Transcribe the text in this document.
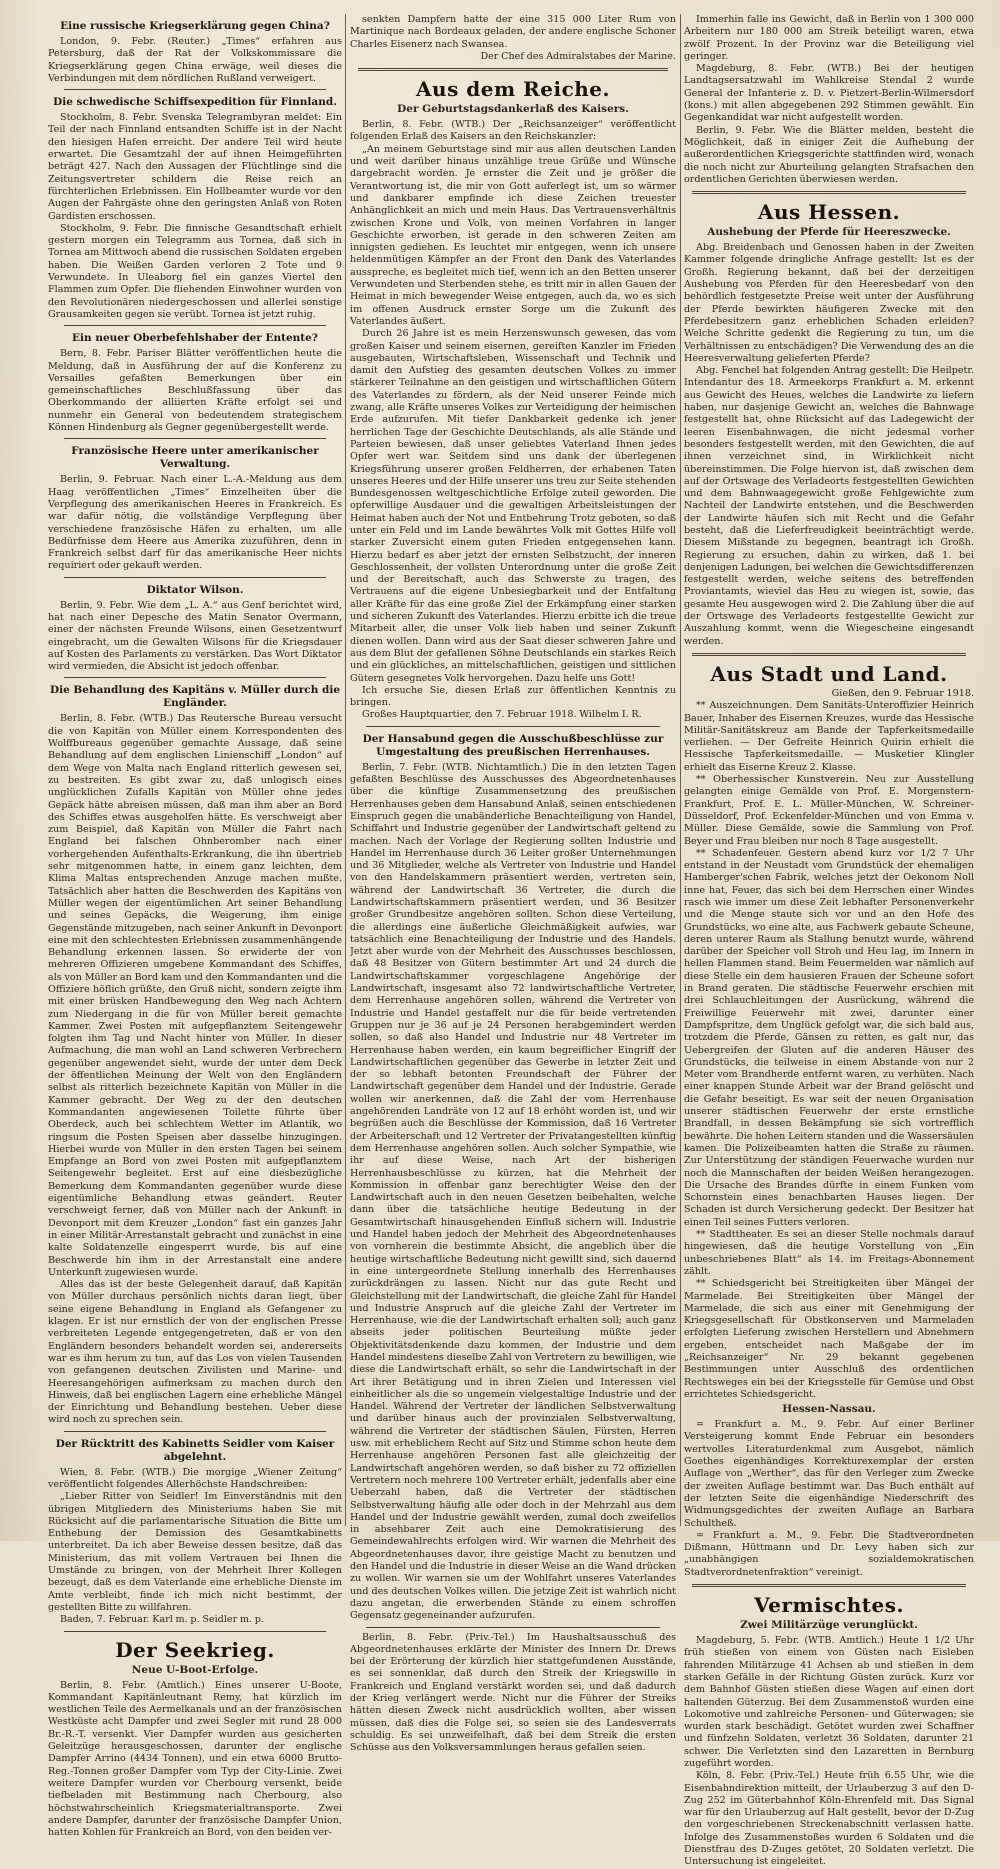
Eine russische Kriegserklärung gegen China?

London, 9. Febr. (Reuter.) „Times“ erfahren aus Petersburg, daß der Rat der Volkskommissare die Kriegserklärung gegen China erwäge, weil dieses die Verbindungen mit dem nördlichen Rußland verweigert.

Die schwedische Schiffsexpedition für Finnland.

Stockholm, 8. Febr. Svenska Telegrambyran meldet: Ein Teil der nach Finnland entsandten Schiffe ist in der Nacht den hiesigen Hafen erreicht. Der andere Teil wird heute erwartet. Die Gesamtzahl der auf ihnen Heimgeführten beträgt 427. Nach den Aussagen der Flüchtlinge sind die Zeitungsvertreter schildern die Reise reich an fürchterlichen Erlebnissen. Ein Hollbeamter wurde vor den Augen der Fahrgäste ohne den geringsten Anlaß von Roten Gardisten erschossen.

Stockholm, 9. Febr. Die finnische Gesandtschaft erhielt gestern morgen ein Telegramm aus Tornea, daß sich in Tornea am Mittwoch abend die russischen Soldaten ergeben haben. Die Weißen Garden verloren 2 Tote und 9 Verwundete. In Uleaborg fiel ein ganzes Viertel den Flammen zum Opfer. Die fliehenden Einwohner wurden von den Revolutionären niedergeschossen und allerlei sonstige Grausamkeiten gegen sie verübt. Tornea ist jetzt ruhig.

Ein neuer Oberbefehlshaber der Entente?

Bern, 8. Febr. Pariser Blätter veröffentlichen heute die Meldung, daß in Ausführung der auf die Konferenz zu Versailles gefaßten Bemerkungen über ein gemeinschaftliches Beschlußfassung über das Oberkommando der alliierten Kräfte erfolgt sei und nunmehr ein General von bedeutendem strategischem Können Hindenburg als Gegner gegenübergestellt werde.

Französische Heere unter amerikanischer Verwaltung.

Berlin, 9. Februar. Nach einer L.-A.-Meldung aus dem Haag veröffentlichen „Times“ Einzelheiten über die Verpflegung des amerikanischen Heeres in Frankreich. Es war dafür nötig, die vollständige Verpflegung über verschiedene französische Häfen zu erhalten, um alle Bedürfnisse dem Heere aus Amerika zuzuführen, denn in Frankreich selbst darf für das amerikanische Heer nichts requiriert oder gekauft werden.

Diktator Wilson.

Berlin, 9. Febr. Wie dem „L. A.“ aus Genf berichtet wird, hat nach einer Depesche des Matin Senator Overmann, einer der nächsten Freunde Wilsons, einen Gesetzentwurf eingebracht, um die Gewalten Wilsons für die Kriegsdauer auf Kosten des Parlaments zu verstärken. Das Wort Diktator wird vermieden, die Absicht ist jedoch offenbar.

Die Behandlung des Kapitäns v. Müller durch die Engländer.

Berlin, 8. Febr. (WTB.) Das Reutersche Bureau versucht die von Kapitän von Müller einem Korrespondenten des Wolffbureaus gegenüber gemachte Aussage, daß seine Behandlung auf dem englischen Linienschiff „London“ auf dem Wege von Malta nach England ritterlich gewesen sei, zu bestreiten. Es gibt zwar zu, daß unlogisch eines unglücklichen Zufalls Kapitän von Müller ohne jedes Gepäck hätte abreisen müssen, daß man ihm aber an Bord des Schiffes etwas ausgeholfen hätte. Es verschweigt aber zum Beispiel, daß Kapitän von Müller die Fahrt nach England bei falschen Ohnberomber nach einer vorhergehenden Aufenthalts-Erkrankung, die ihn übertrieb sehr mitgenommen hatte, in einem ganz leichten, dem Klima Maltas entsprechenden Anzuge machen mußte. Tatsächlich aber hatten die Beschwerden des Kapitäns von Müller wegen der eigentümlichen Art seiner Behandlung und seines Gepäcks, die Weigerung, ihm einige Gegenstände mitzugeben, nach seiner Ankunft in Devonport eine mit den schlechtesten Erlebnissen zusammenhängende Behandlung erkennen lassen. So erwiderte der von mehreren Offizieren umgebene Kommandant des Schiffes, als von Müller an Bord kam und den Kommandanten und die Offiziere höflich grüßte, den Gruß nicht, sondern zeigte ihm mit einer brüsken Handbewegung den Weg nach Achtern zum Niedergang in die für von Müller bereit gemachte Kammer. Zwei Posten mit aufgepflanztem Seitengewehr folgten ihm Tag und Nacht hinter von Müller. In dieser Aufmachung, die man wohl an Land schweren Verbrechern gegenüber angewendet sieht, wurde der unter dem Deck der öffentlichen Meinung der Welt von den Engländern selbst als ritterlich bezeichnete Kapitän von Müller in die Kammer gebracht. Der Weg zu der den deutschen Kommandanten angewiesenen Toilette führte über Oberdeck, auch bei schlechtem Wetter im Atlantik, wo ringsum die Posten Speisen aber dasselbe hinzugingen. Hierbei wurde von Müller in den ersten Tagen bei seinem Empfange an Bord von zwei Posten mit aufgepflanztem Seitengewehr begleitet. Erst auf eine diesbezügliche Bemerkung dem Kommandanten gegenüber wurde diese eigentümliche Behandlung etwas geändert. Reuter verschweigt ferner, daß von Müller nach der Ankunft in Devonport mit dem Kreuzer „London“ fast ein ganzes Jahr in einer Militär-Arrestanstalt gebracht und zunächst in eine kalte Soldatenzelle eingesperrt wurde, bis auf eine Beschwerde hin ihm in der Arrestanstalt eine andere Unterkunft zugewiesen wurde.

Alles das ist der beste Gelegenheit darauf, daß Kapitän von Müller durchaus persönlich nichts daran liegt, über seine eigene Behandlung in England als Gefangener zu klagen. Er ist nur ernstlich der von der englischen Presse verbreiteten Legende entgegengetreten, daß er von den Engländern besonders behandelt worden sei, andererseits war es ihm herum zu tun, auf das Los von vielen Tausenden von gefangenen deutschen Zivilisten und Marine- und Heeresangehörigen aufmerksam zu machen durch den Hinweis, daß bei englischen Lagern eine erhebliche Mängel der Einrichtung und Behandlung bestehen. Ueber diese wird noch zu sprechen sein.

Der Rücktritt des Kabinetts Seidler vom Kaiser abgelehnt.

Wien, 8. Febr. (WTB.) Die morgige „Wiener Zeitung“ veröffentlicht folgendes Allerhöchste Handschreiben:

„Lieber Ritter von Seidler! Im Einverständnis mit den übrigen Mitgliedern des Ministeriums haben Sie mit Rücksicht auf die parlamentarische Situation die Bitte um Enthebung der Demission des Gesamtkabinetts unterbreitet. Da ich aber Beweise dessen besitze, daß das Ministerium, das mit vollem Vertrauen bei Ihnen die Umstände zu bringen, von der Mehrheit Ihrer Kollegen bezeugt, daß es dem Vaterlande eine erhebliche Dienste im Amte verbleibt, finde ich mich nicht bestimmt, der gestellten Bitte zu willfahren.

Baden, 7. Februar. Karl m. p. Seidler m. p.

Der Seekrieg.
Neue U-Boot-Erfolge.

Berlin, 8. Febr. (Amtlich.) Eines unserer U-Boote, Kommandant Kapitänleutnant Remy, hat kürzlich im westlichen Teile des Aermelkanals und an der französischen Westküste acht Dampfer und zwei Segler mit rund 28 000 Br.-R.-T. versenkt. Vier Dampfer wurden aus gesicherten Geleitzüge herausgeschossen, darunter der englische Dampfer Arrino (4434 Tonnen), und ein etwa 6000 Brutto-Reg.-Tonnen großer Dampfer vom Typ der City-Linie. Zwei weitere Dampfer wurden vor Cherbourg versenkt, beide tiefbeladen mit Bestimmung nach Cherbourg, also höchstwahrscheinlich Kriegsmaterialtransporte. Zwei andere Dampfer, darunter der französische Dampfer Union, hatten Kohlen für Frankreich an Bord, von den beiden ver-

senkten Dampfern hatte der eine 315 000 Liter Rum von Martinique nach Bordeaux geladen, der andere englische Schoner Charles Eisenerz nach Swansea.

Der Chef des Admiralstabes der Marine.

Aus dem Reiche.
Der Geburtstagsdankerlaß des Kaisers.

Berlin, 8. Febr. (WTB.) Der „Reichsanzeiger“ veröffentlicht folgenden Erlaß des Kaisers an den Reichskanzler:

„An meinem Geburtstage sind mir aus allen deutschen Landen und weit darüber hinaus unzählige treue Grüße und Wünsche dargebracht worden. Je ernster die Zeit und je größer die Verantwortung ist, die mir von Gott auferlegt ist, um so wärmer und dankbarer empfinde ich diese Zeichen treuester Anhänglichkeit an mich und mein Haus. Das Vertrauensverhältnis zwischen Krone und Volk, von meinen Vorfahren in langer Geschichte erworben, ist gerade in den schweren Zeiten am innigsten gediehen. Es leuchtet mir entgegen, wenn ich unsere heldenmütigen Kämpfer an der Front den Dank des Vaterlandes ausspreche, es begleitet mich tief, wenn ich an den Betten unserer Verwundeten und Sterbenden stehe, es tritt mir in allen Gauen der Heimat in mich bewegender Weise entgegen, auch da, wo es sich im offenen Ausdruck ernster Sorge um die Zukunft des Vaterlandes äußert.

Durch 26 Jahre ist es mein Herzenswunsch gewesen, das vom großen Kaiser und seinem eisernen, gereiften Kanzler im Frieden ausgebauten, Wirtschaftsleben, Wissenschaft und Technik und damit den Aufstieg des gesamten deutschen Volkes zu immer stärkerer Teilnahme an den geistigen und wirtschaftlichen Gütern des Vaterlandes zu fördern, als der Neid unserer Feinde mich zwang, alle Kräfte unseres Volkes zur Verteidigung der heimischen Erde aufzurufen. Mit tiefer Dankbarkeit gedenke ich jener herrlichen Tage der Geschichte Deutschlands, als alle Stände und Parteien bewiesen, daß unser geliebtes Vaterland Ihnen jedes Opfer wert war. Seitdem sind uns dank der überlegenen Kriegsführung unserer großen Feldherren, der erhabenen Taten unseres Heeres und der Hilfe unserer uns treu zur Seite stehenden Bundesgenossen weltgeschichtliche Erfolge zuteil geworden. Die opferwillige Ausdauer und die gewaltigen Arbeitsleistungen der Heimat haben auch der Not und Entbehrung Trotz geboten, so daß unter ein Feld und im Lande bewährtes Volk mit Gottes Hilfe voll starker Zuversicht einem guten Frieden entgegensehen kann. Hierzu bedarf es aber jetzt der ernsten Selbstzucht, der inneren Geschlossenheit, der vollsten Unterordnung unter die große Zeit und der Bereitschaft, auch das Schwerste zu tragen, des Vertrauens auf die eigene Unbesiegbarkeit und der Entfaltung aller Kräfte für das eine große Ziel der Erkämpfung einer starken und sicheren Zukunft des Vaterlandes. Hierzu erbitte ich die treue Mitarbeit aller, die unser Volk lieb haben und seiner Zukunft dienen wollen. Dann wird aus der Saat dieser schweren Jahre und aus dem Blut der gefallenen Söhne Deutschlands ein starkes Reich und ein glückliches, an mittelschaftlichen, geistigen und sittlichen Gütern gesegnetes Volk hervorgehen. Dazu helfe uns Gott!

Ich ersuche Sie, diesen Erlaß zur öffentlichen Kenntnis zu bringen.

Großes Hauptquartier, den 7. Februar 1918. Wilhelm I. R.

Der Hansabund gegen die Ausschußbeschlüsse zur Umgestaltung des preußischen Herrenhauses.

Berlin, 7. Febr. (WTB. Nichtamtlich.) Die in den letzten Tagen gefaßten Beschlüsse des Ausschusses des Abgeordnetenhauses über die künftige Zusammensetzung des preußischen Herrenhauses geben dem Hansabund Anlaß, seinen entschiedenen Einspruch gegen die unabänderliche Benachteiligung von Handel, Schiffahrt und Industrie gegenüber der Landwirtschaft geltend zu machen. Nach der Vorlage der Regierung sollten Industrie und Handel im Herrenhause durch 36 Leiter großer Unternehmungen und 36 Mitglieder, welche als Vertreter von Industrie und Handel von den Handelskammern präsentiert werden, vertreten sein, während der Landwirtschaft 36 Vertreter, die durch die Landwirtschaftskammern präsentiert werden, und 36 Besitzer großer Grundbesitze angehören sollten. Schon diese Verteilung, die allerdings eine äußerliche Gleichmäßigkeit aufwies, war tatsächlich eine Benachteiligung der Industrie und des Handels. Jetzt aber wurde von der Mehrheit des Ausschusses beschlossen, daß 48 Besitzer von Gütern bestimmter Art und 24 durch die Landwirtschaftskammer vorgeschlagene Angehörige der Landwirtschaft, insgesamt also 72 landwirtschaftliche Vertreter, dem Herrenhause angehören sollen, während die Vertreter von Industrie und Handel gestaffelt nur die für beide vertretenden Gruppen nur je 36 auf je 24 Personen herabgemindert werden sollen, so daß also Handel und Industrie nur 48 Vertreter im Herrenhause haben werden, ein kaum begreiflicher Eingriff der Landwirtschaftlichen gegenüber das Gewerbe in letzter Zeit und der so lebhaft betonten Freundschaft der Führer der Landwirtschaft gegenüber dem Handel und der Industrie. Gerade wollen wir anerkennen, daß die Zahl der vom Herrenhause angehörenden Landräte von 12 auf 18 erhöht worden ist, und wir begrüßen auch die Beschlüsse der Kommission, daß 16 Vertreter der Arbeiterschaft und 12 Vertreter der Privatangestellten künftig dem Herrenhause angehören sollen. Auch solcher Sympathie, wie ihr auf diese Weise, nach Art der bisherigen Herrenhausbeschlüsse zu kürzen, hat die Mehrheit der Kommission in offenbar ganz berechtigter Weise den der Landwirtschaft auch in den neuen Gesetzen beibehalten, welche dann über die tatsächliche heutige Bedeutung in der Gesamtwirtschaft hinausgehenden Einfluß sichern will. Industrie und Handel haben jedoch der Mehrheit des Abgeordnetenhauses von vornherein die bestimmte Absicht, die angeblich über die heutige wirtschaftliche Bedeutung nicht gewillt sind, sich dauernd in eine untergeordnete Stellung innerhalb des Herrenhauses zurückdrängen zu lassen. Nicht nur das gute Recht und Gleichstellung mit der Landwirtschaft, die gleiche Zahl für Handel und Industrie Anspruch auf die gleiche Zahl der Vertreter im Herrenhause, wie die der Landwirtschaft erhalten soll; auch ganz abseits jeder politischen Beurteilung müßte jeder Objektivitätsdenkende dazu kommen, der Industrie und dem Handel mindestens dieselbe Zahl von Vertretern zu bewilligen, wie diese die Landwirtschaft erhält, so sehr die Landwirtschaft in der Art ihrer Betätigung und in ihren Zielen und Interessen viel einheitlicher als die so ungemein vielgestaltige Industrie und der Handel. Während der Vertreter der ländlichen Selbstverwaltung und darüber hinaus auch der provinzialen Selbstverwaltung, während die Vertreter der städtischen Säulen, Fürsten, Herren usw. mit erheblichem Recht auf Sitz und Stimme schon heute dem Herrenhause angehören Personen fast alle gleichzeitig der Landwirtschaft angehören werden, so daß bisher zu 72 offiziellen Vertretern noch mehrere 100 Vertreter erhält, jedenfalls aber eine Ueberzahl haben, daß die Vertreter der städtischen Selbstverwaltung häufig alle oder doch in der Mehrzahl aus dem Handel und der Industrie gewählt werden, zumal doch zweifellos in absehbarer Zeit auch eine Demokratisierung des Gemeindewahlrechts erfolgen wird. Wir warnen die Mehrheit des Abgeordnetenhauses davor, ihre geistige Macht zu benutzen und den Handel und die Industrie in dieser Weise an die Wand drücken zu wollen. Wir warnen sie um der Wohlfahrt unseres Vaterlandes und des deutschen Volkes willen. Die jetzige Zeit ist wahrlich nicht dazu angetan, die erwerbenden Stände zu einem schroffen Gegensatz gegeneinander aufzurufen.

Berlin, 8. Febr. (Priv.-Tel.) Im Haushaltsausschuß des Abgeordnetenhauses erklärte der Minister des Innern Dr. Drews bei der Erörterung der kürzlich hier stattgefundenen Ausstände, es sei sonnenklar, daß durch den Streik der Kriegswille in Frankreich und England verstärkt worden sei, und daß dadurch der Krieg verlängert werde. Nicht nur die Führer der Streiks hätten diesen Zweck nicht ausdrücklich wollten, aber wissen müssen, daß dies die Folge sei, so seien sie des Landesverrats schuldig. Es sei unzweifelhaft, daß bei dem Streik die ersten Schüsse aus den Volksversammlungen heraus gefallen seien.

Immerhin falle ins Gewicht, daß in Berlin von 1 300 000 Arbeitern nur 180 000 am Streik beteiligt waren, etwa zwölf Prozent. In der Provinz war die Beteiligung viel geringer.

Magdeburg, 8. Febr. (WTB.) Bei der heutigen Landtagsersatzwahl im Wahlkreise Stendal 2 wurde General der Infanterie z. D. v. Pietzert-Berlin-Wilmersdorf (kons.) mit allen abgegebenen 292 Stimmen gewählt. Ein Gegenkandidat war nicht aufgestellt worden.

Berlin, 9. Febr. Wie die Blätter melden, besteht die Möglichkeit, daß in einiger Zeit die Aufhebung der außerordentlichen Kriegsgerichte stattfinden wird, wonach die noch nicht zur Aburteilung gelangten Strafsachen den ordentlichen Gerichten überwiesen werden.

Aus Hessen.
Aushebung der Pferde für Heereszwecke.

Abg. Breidenbach und Genossen haben in der Zweiten Kammer folgende dringliche Anfrage gestellt: Ist es der Großh. Regierung bekannt, daß bei der derzeitigen Aushebung von Pferden für den Heeresbedarf von den behördlich festgesetzte Preise weit unter der Ausführung der Pferde bewirkten häufigeren Zwecke mit den Pferdebesitzern ganz erheblichen Schaden erleiden? Welche Schritte gedenkt die Regierung zu tun, um die Verhältnissen zu entschädigen? Die Verwendung des an die Heeresverwaltung gelieferten Pferde?

Abg. Fenchel hat folgenden Antrag gestellt: Die Heilpetr. Intendantur des 18. Armeekorps Frankfurt a. M. erkennt aus Gewicht des Heues, welches die Landwirte zu liefern haben, nur dasjenige Gewicht an, welches die Bahnwage festgestellt hat, ohne Rücksicht auf das Ladegewicht der leeren Eisenbahnwagen, die nicht jedesmal vorher besonders festgestellt werden, mit den Gewichten, die auf ihnen verzeichnet sind, in Wirklichkeit nicht übereinstimmen. Die Folge hiervon ist, daß zwischen dem auf der Ortswage des Verladeorts festgestellten Gewichten und dem Bahnwaagegewicht große Fehlgewichte zum Nachteil der Landwirte entstehen, und die Beschwerden der Landwirte häufen sich mit Recht und die Gefahr besteht, daß die Lieferfreudigkeit beeinträchtigt werde. Diesem Mißstande zu begegnen, beantragt ich Großh. Regierung zu ersuchen, dahin zu wirken, daß 1. bei denjenigen Ladungen, bei welchen die Gewichtsdifferenzen festgestellt werden, welche seitens des betreffenden Proviantamts, wieviel das Heu zu wiegen ist, sowie, das gesamte Heu ausgewogen wird 2. Die Zahlung über die auf der Ortswage des Verladeorts festgestellte Gewicht zur Auszahlung kommt, wenn die Wiegescheine eingesandt werden.

Aus Stadt und Land.

Gießen, den 9. Februar 1918.

** Auszeichnungen. Dem Sanitäts-Unteroffizier Heinrich Bauer, Inhaber des Eisernen Kreuzes, wurde das Hessische Militär-Sanitätskreuz am Bande der Tapferkeitsmedaille verliehen. — Der Gefreite Heinrich Quirin erhielt die Hessische Tapferkeitsmedaille. — Musketier Klingler erhielt das Eiserne Kreuz 2. Klasse.

** Oberhessischer Kunstverein. Neu zur Ausstellung gelangten einige Gemälde von Prof. E. Morgenstern-Frankfurt, Prof. E. L. Müller-München, W. Schreiner-Düsseldorf, Prof. Eckenfelder-München und von Emma v. Müller. Diese Gemälde, sowie die Sammlung von Prof. Beyer und Frau bleiben nur noch 8 Tage ausgestellt.

** Schadenfeuer. Gestern abend kurz vor 1/2 7 Uhr entstand in der Neustadt vom Grundstück der ehemaligen Hamberger'schen Fabrik, welches jetzt der Oekonom Noll inne hat, Feuer, das sich bei dem Herrschen einer Windes rasch wie immer um diese Zeit lebhafter Personenverkehr und die Menge staute sich vor und an den Hofe des Grundstücks, wo eine alte, aus Fachwerk gebaute Scheune, deren unterer Raum als Stallung benutzt wurde, während darüber der Speicher voll Stroh und Heu lag, im Innern in hellen Flammen stand. Beim Feuermelden war nämlich auf diese Stelle ein dem hausieren Frauen der Scheune sofort in Brand geraten. Die städtische Feuerwehr erschien mit drei Schlauchleitungen der Ausrückung, während die Freiwillige Feuerwehr mit zwei, darunter einer Dampfspritze, dem Unglück gefolgt war, die sich bald aus, trotzdem die Pferde, Gänsen zu retten, es galt nur, das Uebergreifen der Gluten auf die anderen Häuser des Grundstücks, die teilweise in einem Abstande von nur 2 Meter vom Brandherde entfernt waren, zu verhüten. Nach einer knappen Stunde Arbeit war der Brand gelöscht und die Gefahr beseitigt. Es war seit der neuen Organisation unserer städtischen Feuerwehr der erste ernstliche Brandfall, in dessen Bekämpfung sie sich vortrefflich bewährte. Die hohen Leitern standen und die Wassersäulen kamen. Die Polizeibeamten hatten die Straße zu räumen. Zur Unterstützung der ständigen Feuerwache wurden nur noch die Mannschaften der beiden Weißen herangezogen. Die Ursache des Brandes dürfte in einem Funken vom Schornstein eines benachbarten Hauses liegen. Der Schaden ist durch Versicherung gedeckt. Der Besitzer hat einen Teil seines Futters verloren.

** Stadttheater. Es sei an dieser Stelle nochmals darauf hingewiesen, daß die heutige Vorstellung von „Ein unbeschriebenes Blatt“ als 14. im Freitags-Abonnement zählt.

** Schiedsgericht bei Streitigkeiten über Mängel der Marmelade. Bei Streitigkeiten über Mängel der Marmelade, die sich aus einer mit Genehmigung der Kriegsgesellschaft für Obstkonserven und Marmeladen erfolgten Lieferung zwischen Herstellern und Abnehmern ergeben, entscheidet nach Maßgabe der im „Reichsanzeiger“ Nr. 29 bekannt gegebenen Bestimmungen unter Ausschluß des ordentlichen Rechtsweges ein bei der Kriegsstelle für Gemüse und Obst errichtetes Schiedsgericht.

Hessen-Nassau.

= Frankfurt a. M., 9. Febr. Auf einer Berliner Versteigerung kommt Ende Februar ein besonders wertvolles Literaturdenkmal zum Ausgebot, nämlich Goethes eigenhändiges Korrekturexemplar der ersten Auflage von „Werther“, das für den Verleger zum Zwecke der zweiten Auflage bestimmt war. Das Buch enthält auf der letzten Seite die eigenhändige Niederschrift des Widmungsgedichtes der zweiten Auflage an Barbara Schultheß.

= Frankfurt a. M., 9. Febr. Die Stadtverordneten Dißmann, Hüttmann und Dr. Levy haben sich zur „unabhängigen sozialdemokratischen Stadtverordnetenfraktion“ vereinigt.

Vermischtes.
Zwei Militärzüge verunglückt.

Magdeburg, 5. Febr. (WTB. Amtlich.) Heute 1 1/2 Uhr früh stießen von einem von Güsten nach Eisleben fahrenden Militärzuge 41 Achsen ab und stießen in dem starken Gefälle in der Richtung Güsten zurück. Kurz vor dem Bahnhof Güsten stießen diese Wagen auf einen dort haltenden Güterzug. Bei dem Zusammenstoß wurden eine Lokomotive und zahlreiche Personen- und Güterwagen; sie wurden stark beschädigt. Getötet wurden zwei Schaffner und fünfzehn Soldaten, verletzt 36 Soldaten, darunter 21 schwer. Die Verletzten sind den Lazaretten in Bernburg zugeführt worden.

Köln, 8. Febr. (Priv.-Tel.) Heute früh 6.55 Uhr, wie die Eisenbahndirektion mitteilt, der Urlauberzug 3 auf den D-Zug 252 im Güterbahnhof Köln-Ehrenfeld mit. Das Signal war für den Urlauberzug auf Halt gestellt, bevor der D-Zug den vorgeschriebenen Streckenabschnitt verlassen hatte. Infolge des Zusammenstoßes wurden 6 Soldaten und die Dienstfrau des D-Zuges getötet, 20 Soldaten verletzt. Die Untersuchung ist eingeleitet.
